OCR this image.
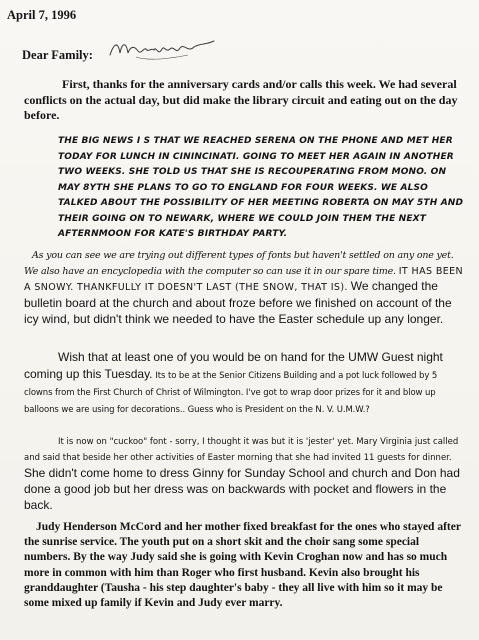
April 7, 1996
Dear Family:

First, thanks for the anniversary cards and/or calls this week. We had several conflicts on the actual day, but did make the library circuit and eating out on the day before.

THE BIG NEWS I S THAT WE REACHED SERENA ON THE PHONE AND MET HER TODAY FOR LUNCH IN CININCINATI. GOING TO MEET HER AGAIN IN ANOTHER TWO WEEKS. SHE TOLD US THAT SHE IS RECOUPERATING FROM MONO. ON MAY 8YTH SHE PLANS TO GO TO ENGLAND FOR FOUR WEEKS. WE ALSO TALKED ABOUT THE POSSIBILITY OF HER MEETING ROBERTA ON MAY 5TH AND THEIR GOING ON TO NEWARK, WHERE WE COULD JOIN THEM THE NEXT AFTERNMOON FOR KATE'S BIRTHDAY PARTY.

As you can see we are trying out different types of fonts but haven't settled on any one yet. We also have an encyclopedia with the computer so can use it in our spare time. IT HAS BEEN A SNOWY. THANKFULLY IT DOESN'T LAST (THE SNOW, THAT IS). We changed the bulletin board at the church and about froze before we finished on account of the icy wind, but didn't think we needed to have the Easter schedule up any longer.

Wish that at least one of you would be on hand for the UMW Guest night coming up this Tuesday. Its to be at the Senior Citizens Building and a pot luck followed by 5 clowns from the First Church of Christ of Wilmington. I've got to wrap door prizes for it and blow up balloons we are using for decorations.. Guess who is President on the N. V. U.M.W.?

It is now on "cuckoo" font - sorry, I thought it was but it is 'jester' yet. Mary Virginia just called and said that beside her other activities of Easter morning that she had invited 11 guests for dinner. She didn't come home to dress Ginny for Sunday School and church and Don had done a good job but her dress was on backwards with pocket and flowers in the back.

Judy Henderson McCord and her mother fixed breakfast for the ones who stayed after the sunrise service. The youth put on a short skit and the choir sang some special numbers. By the way Judy said she is going with Kevin Croghan now and has so much more in common with him than Roger who first husband. Kevin also brought his granddaughter (Tausha - his step daughter's baby - they all live with him so it may be some mixed up family if Kevin and Judy ever marry.
